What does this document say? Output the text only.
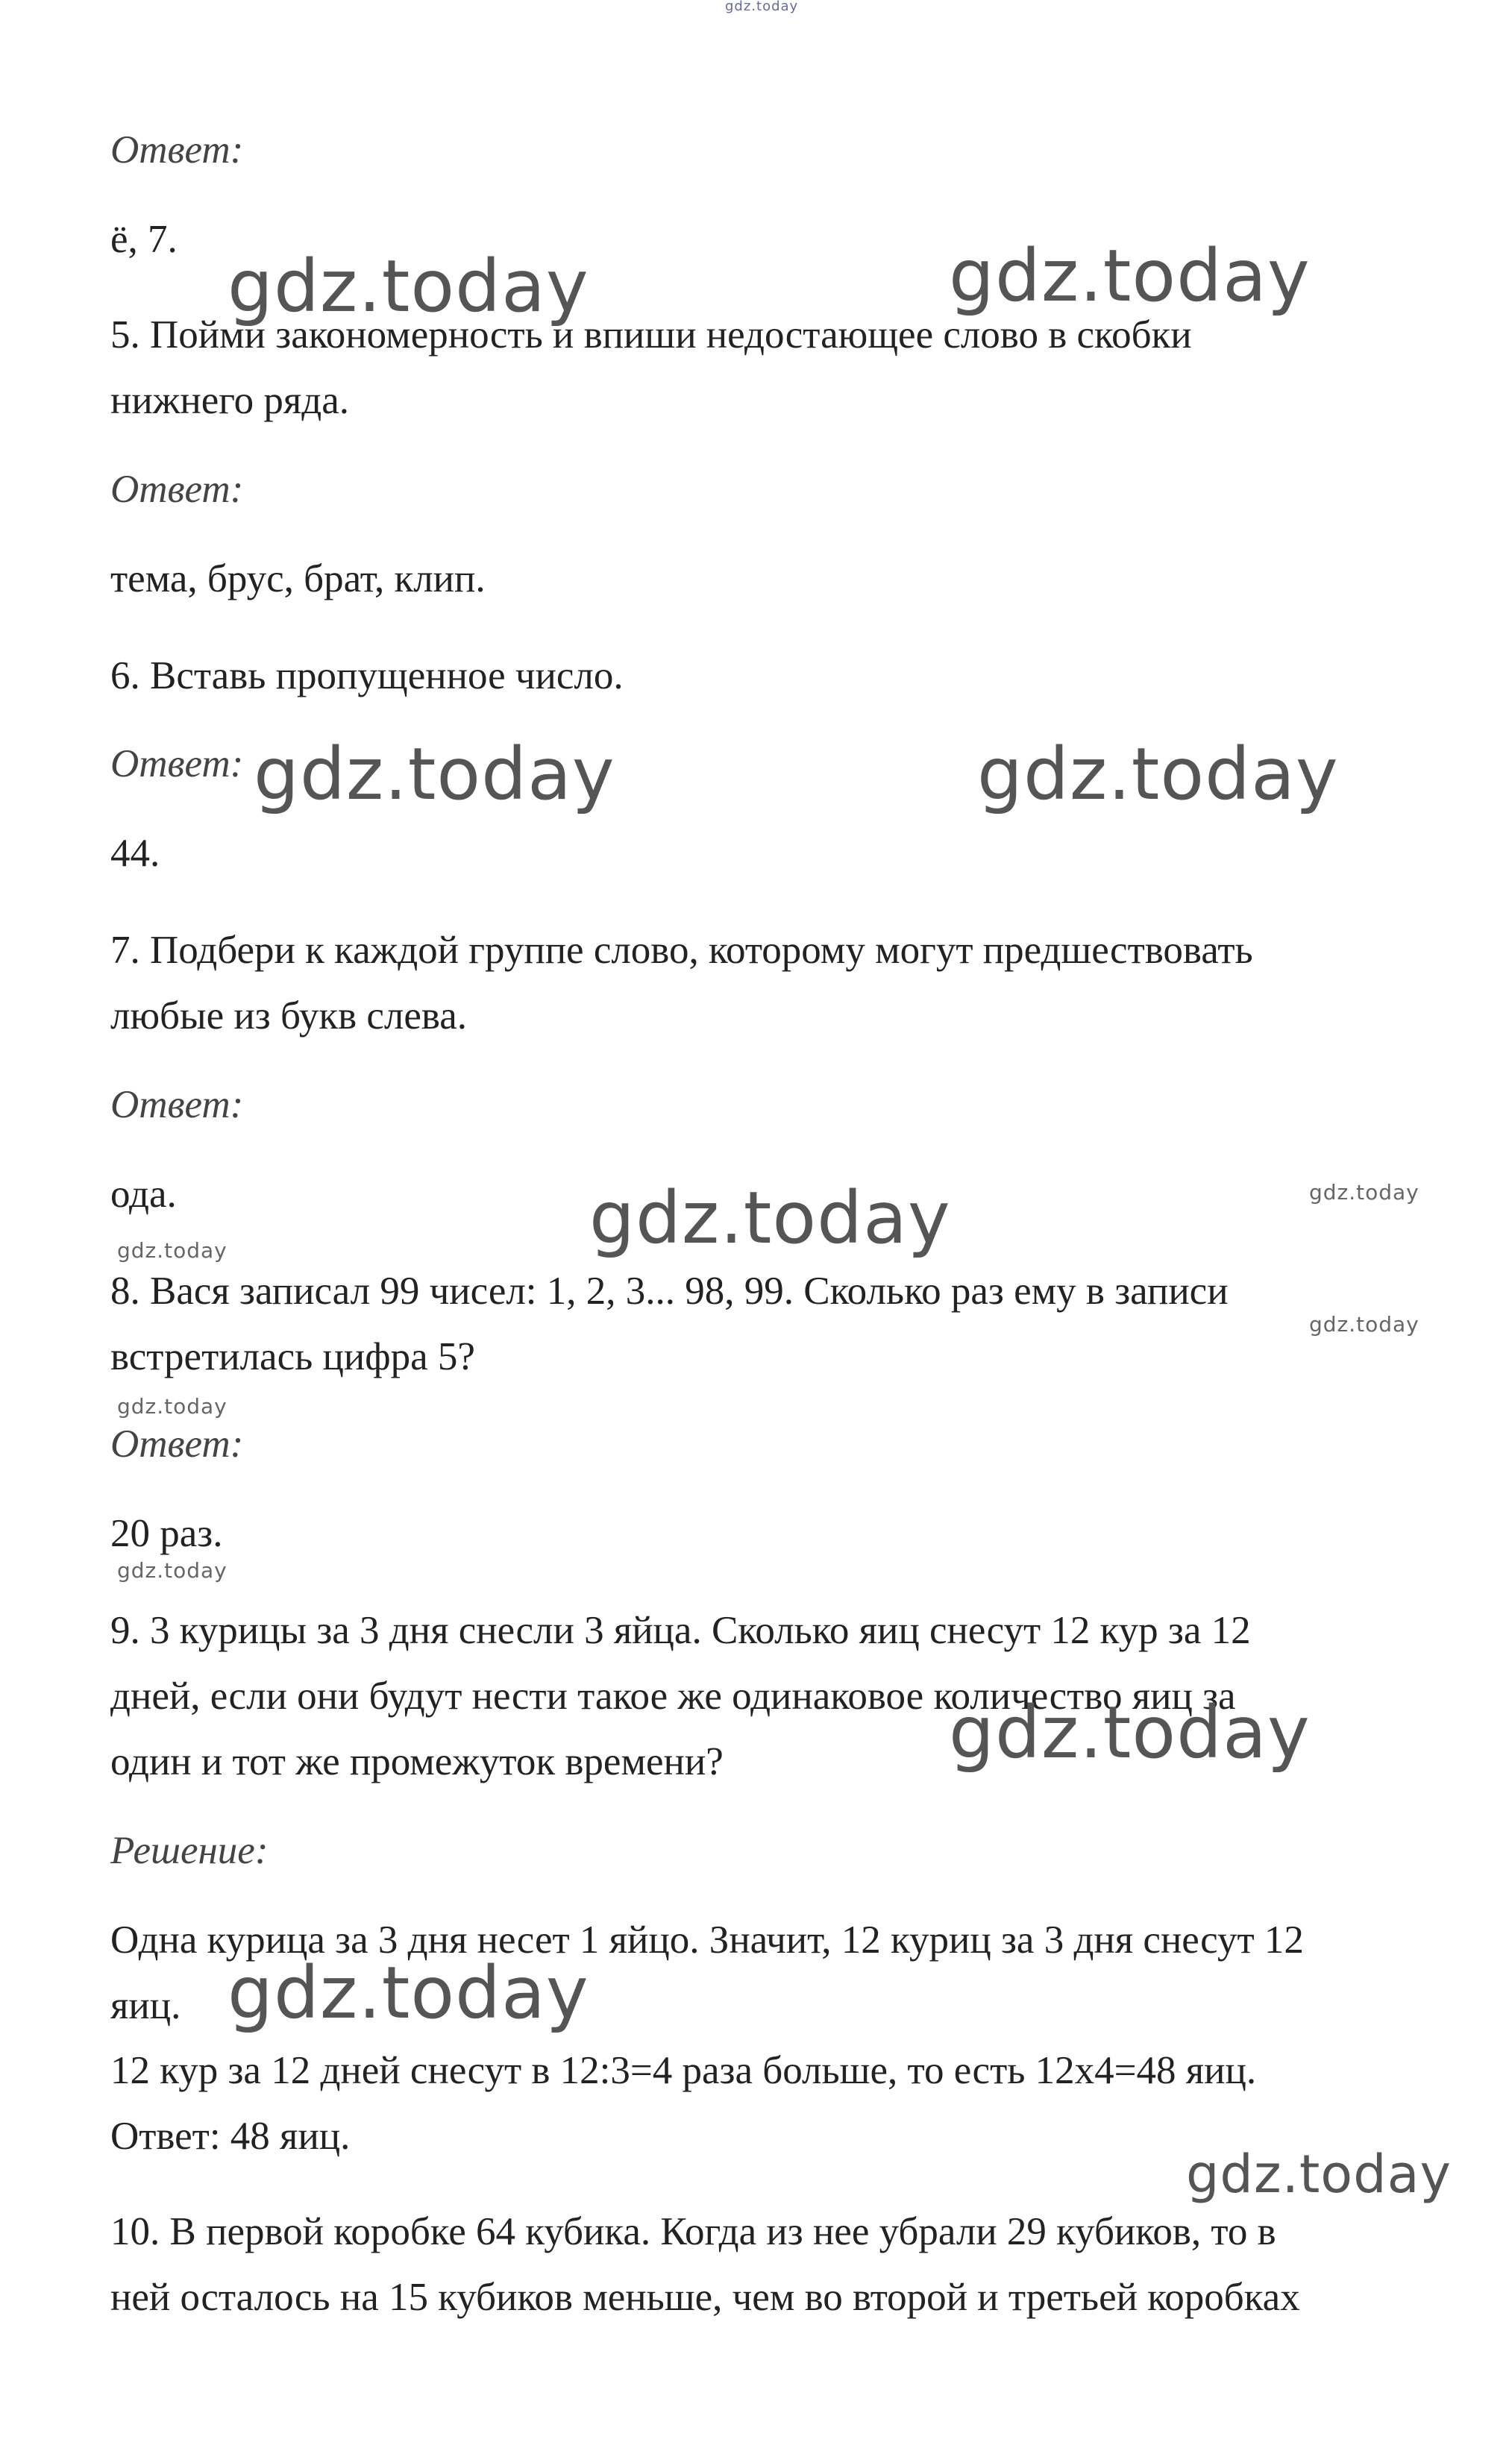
gdz.today

Ответ:

ё, 7.

5. Пойми закономерность и впиши недостающее слово в скобки

нижнего ряда.

Ответ:

тема, брус, брат, клип.

6. Вставь пропущенное число.

Ответ:

44.

7. Подбери к каждой группе слово, которому могут предшествовать

любые из букв слева.

Ответ:

ода.

8. Вася записал 99 чисел: 1, 2, 3... 98, 99. Сколько раз ему в записи

встретилась цифра 5?

Ответ:

20 раз.

9. 3 курицы за 3 дня снесли 3 яйца. Сколько яиц снесут 12 кур за 12

дней, если они будут нести такое же одинаковое количество яиц за

один и тот же промежуток времени?

Решение:

Одна курица за 3 дня несет 1 яйцо. Значит, 12 куриц за 3 дня снесут 12

яиц.

12 кур за 12 дней снесут в 12:3=4 раза больше, то есть 12х4=48 яиц.

Ответ: 48 яиц.

10. В первой коробке 64 кубика. Когда из нее убрали 29 кубиков, то в

ней осталось на 15 кубиков меньше, чем во второй и третьей коробках

gdz.today	gdz.today
gdz.today	gdz.today
gdz.today
gdz.today
gdz.today
gdz.today
gdz.today
gdz.today
gdz.today
gdz.today
gdz.today
